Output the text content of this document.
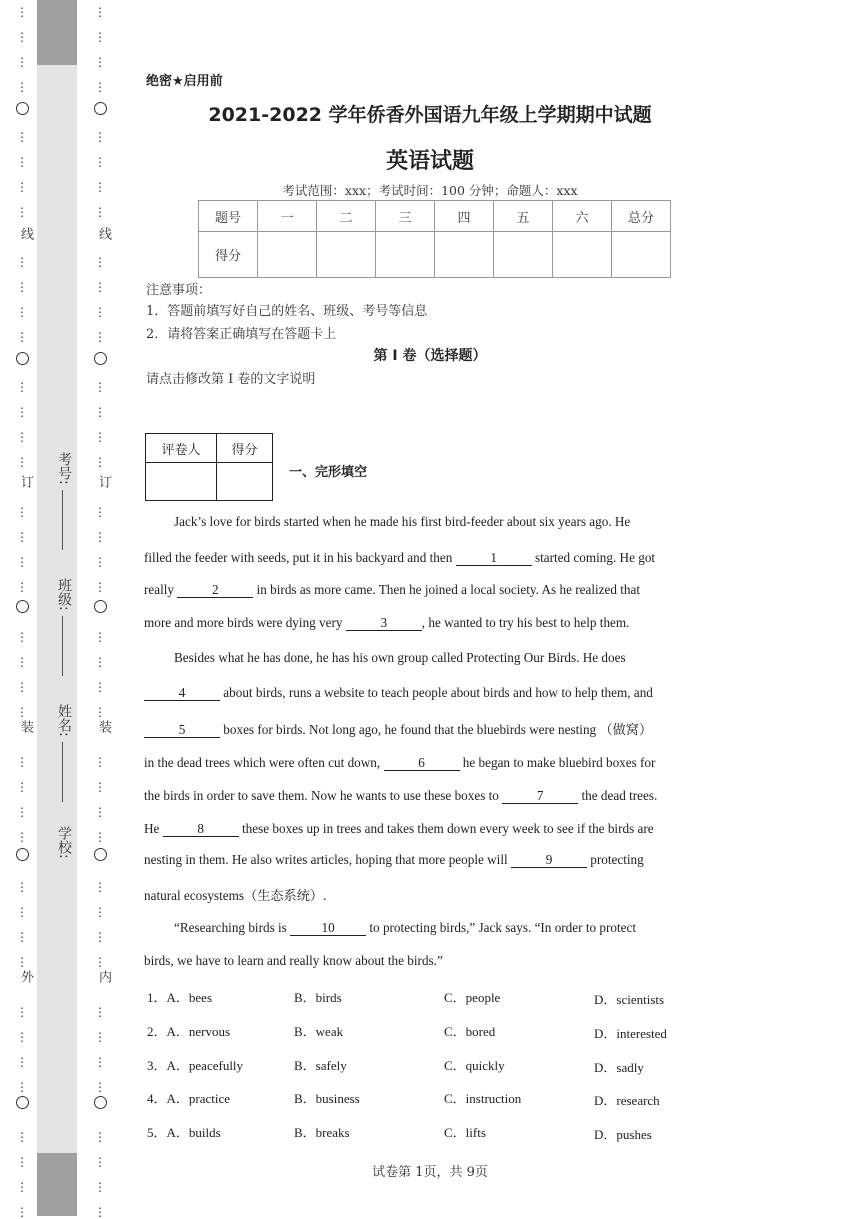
⋮
⋮
⋮
⋮
⋮
⋮
⋮
⋮
⋮
⋮
⋮
⋮
⋮
⋮
⋮
⋮
⋮
⋮
⋮
⋮
⋮
⋮
⋮
⋮
⋮
⋮
⋮
⋮
⋮
⋮
⋮
⋮
⋮
⋮
⋮
⋮
⋮
⋮
⋮
⋮
⋮
⋮
⋮
⋮
⋮
⋮
⋮
⋮
⋮
⋮
⋮
⋮
⋮
⋮
⋮
⋮
⋮
⋮
⋮
⋮
⋮
⋮
⋮
⋮
⋮
⋮
⋮
⋮
⋮
⋮
⋮
⋮
⋮
⋮
⋮
⋮
⋮
⋮
⋮
⋮
线
订
装
外
线
订
装
内
考号:
班级:
姓名:
学校:
绝密★启用前
2021-2022 学年侨香外国语九年级上学期期中试题
英语试题
考试范围：xxx；考试时间：100 分钟；命题人：xxx
题号	一	二	三	四	五	六	总分
得分							
注意事项：
1．答题前填写好自己的姓名、班级、考号等信息
2．请将答案正确填写在答题卡上
第 I 卷（选择题）
请点击修改第 I 卷的文字说明
评卷人	得分

一、完形填空
Jack’s love for birds started when he made his first bird-feeder about six years ago. He
filled the feeder with seeds, put it in his backyard and then	1	started coming. He got
really	2	in birds as more came. Then he joined a local society. As he realized that
more and more birds were dying very	3	, he wanted to try his best to help them.
Besides what he has done, he has his own group called Protecting Our Birds. He does
4	about birds, runs a website to teach people about birds and how to help them, and
5	boxes for birds. Not long ago, he found that the bluebirds were nesting （做窝）
in the dead trees which were often cut down,	6	he began to make bluebird boxes for
the birds in order to save them. Now he wants to use these boxes to	7	the dead trees.
He	8	these boxes up in trees and takes them down every week to see if the birds are
nesting in them. He also writes articles, hoping that more people will	9	protecting
natural ecosystems（生态系统）.
“Researching birds is 10 to protecting birds,” Jack says. “In order to protect
birds, we have to learn and really know about the birds.”
1．A．bees	B．birds	C．people	D．scientists
2．A．nervous	B．weak	C．bored	D．interested
3．A．peacefully	B．safely	C．quickly	D．sadly
4．A．practice	B．business	C．instruction	D．research
5．A．builds	B．breaks	C．lifts	D．pushes
试卷第 1页，共 9页
